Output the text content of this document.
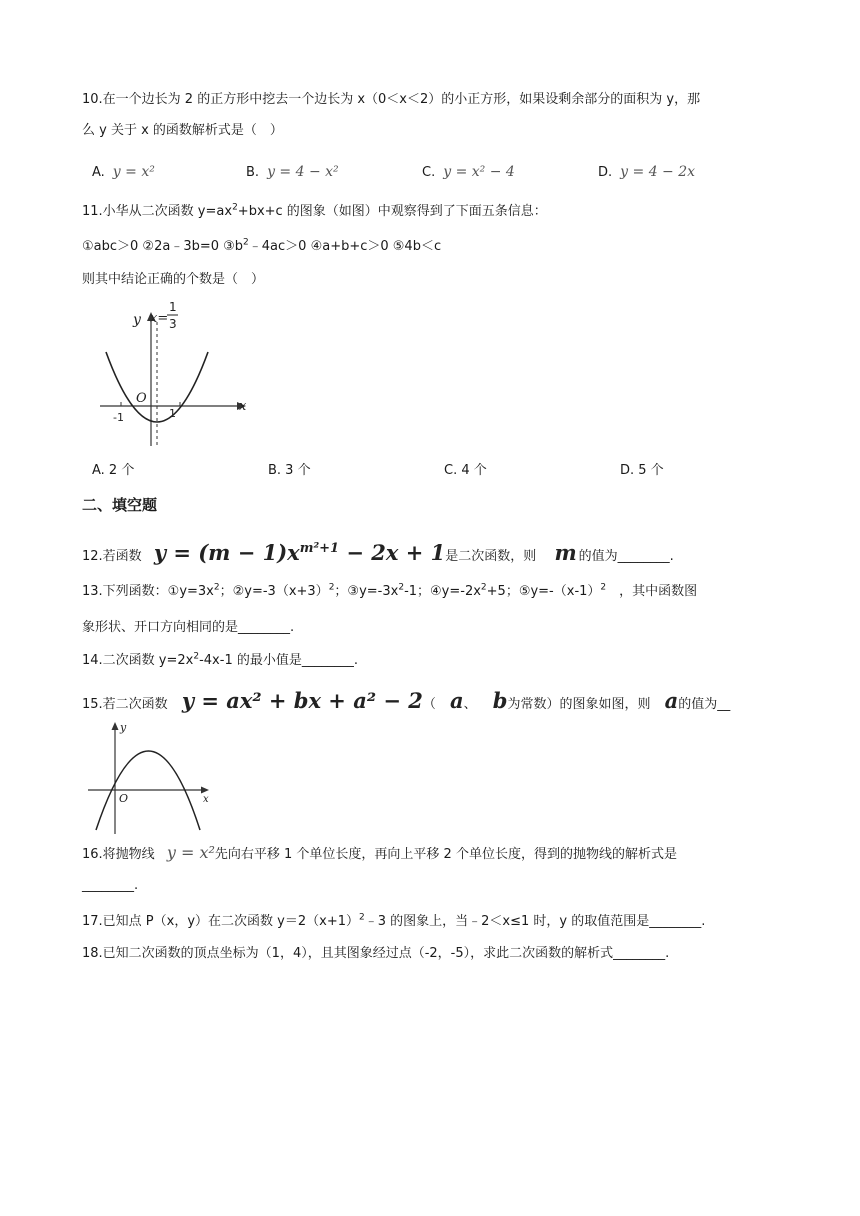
10.在一个边长为 2 的正方形中挖去一个边长为 x（0＜x＜2）的小正方形，如果设剩余部分的面积为 y，那
么 y 关于 x 的函数解析式是（　）
A. y = x²	B. y = 4 − x²	C. y = x² − 4	D. y = 4 − 2x
11.小华从二次函数 $y=ax^2+bx+c$ 的图象（如图）中观察得到了下面五条信息：
①abc＞0 ②2a﹣3b=0 $③b^2﹣4ac>0$ ④a+b+c＞0 ⑤4b＜c
则其中结论正确的个数是（　）
y x=
1
3
O
-1	1	x
A. 2 个	B. 3 个	C. 4 个	D. 5 个
二、填空题
12.若函数 $y = (m - 1)x^{m^2+1} - 2x + 1$是二次函数，则 m 的值为________.
13.下列函数：$①y=3x^2$；$②y=-3(x+3)^2$；$③y=-3x^2-1$；$④y=-2x^2+5$；$⑤y=-(x-1)^2$　，其中函数图
象形状、开口方向相同的是________.
14.二次函数 $y=2x^2-4x-1$ 的最小值是________.
15.若二次函数 y = ax² + bx + a² − 2（ a、 b为常数）的图象如图，则 a的值为__
y
O	x
16.将抛物线 y = x²先向右平移 1 个单位长度，再向上平移 2 个单位长度，得到的抛物线的解析式是
________.
17.已知点 P（x，y）在二次函数 $y=2(x+1)^2﹣3$ 的图象上，当﹣2＜x≤1 时，y 的取值范围是________.
18.已知二次函数的顶点坐标为（1，4），且其图象经过点（-2，-5），求此二次函数的解析式________.
